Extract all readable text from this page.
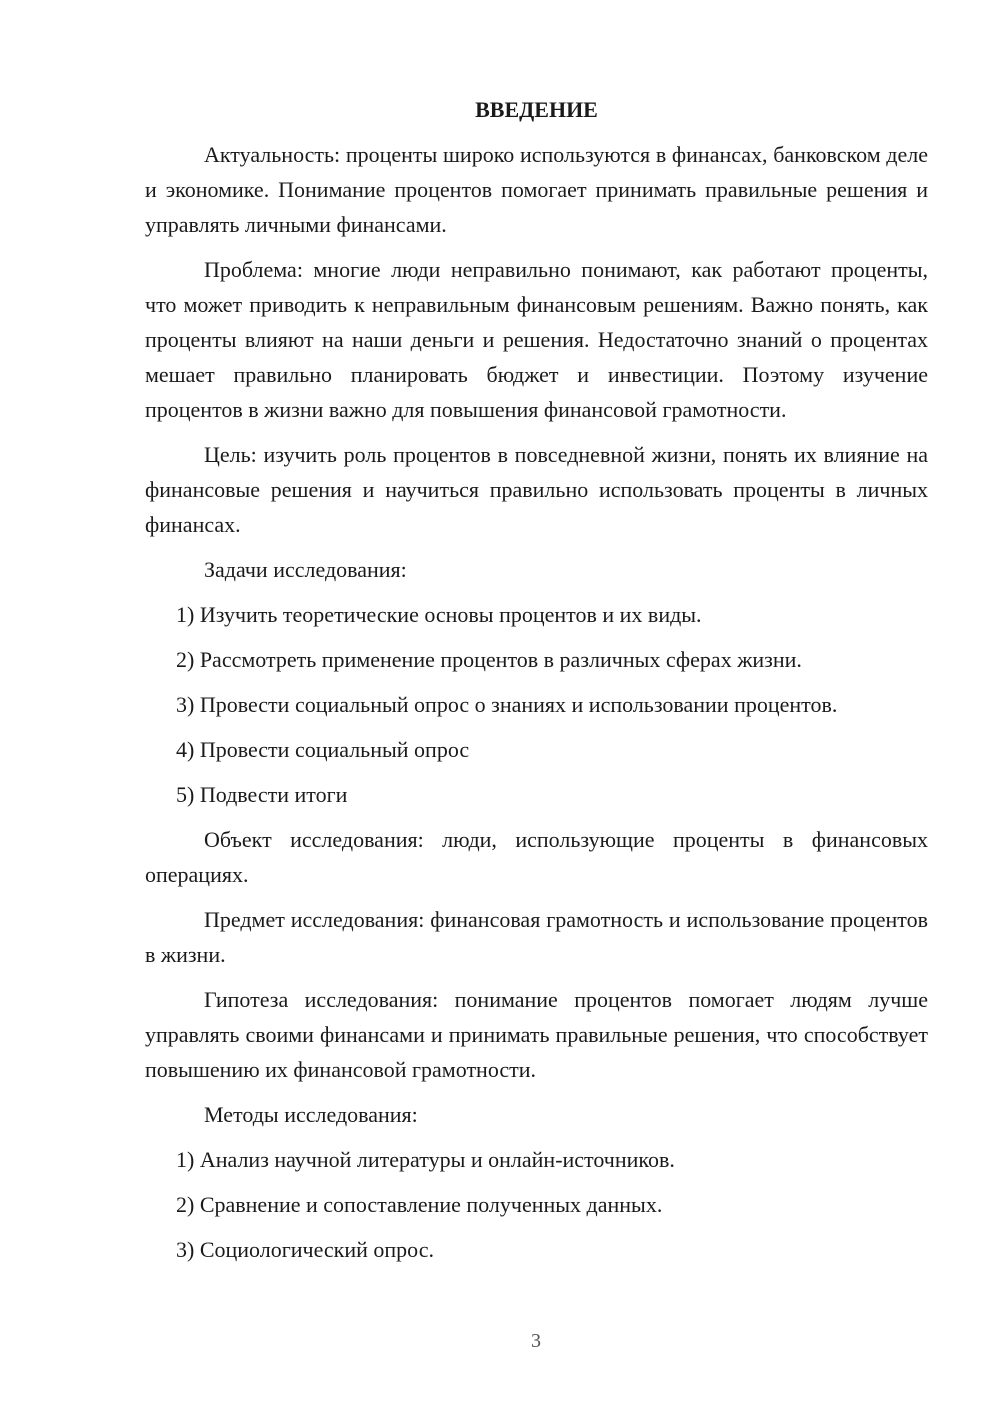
ВВЕДЕНИЕ

Актуальность: проценты широко используются в финансах, банковском деле и экономике. Понимание процентов помогает принимать правильные решения и управлять личными финансами.

Проблема: многие люди неправильно понимают, как работают проценты, что может приводить к неправильным финансовым решениям. Важно понять, как проценты влияют на наши деньги и решения. Недостаточно знаний о процентах мешает правильно планировать бюджет и инвестиции. Поэтому изучение процентов в жизни важно для повышения финансовой грамотности.

Цель: изучить роль процентов в повседневной жизни, понять их влияние на финансовые решения и научиться правильно использовать проценты в личных финансах.

Задачи исследования:

1) Изучить теоретические основы процентов и их виды.
2) Рассмотреть применение процентов в различных сферах жизни.
3) Провести социальный опрос о знаниях и использовании процентов.
4) Провести социальный опрос
5) Подвести итоги

Объект исследования: люди, использующие проценты в финансовых операциях.

Предмет исследования: финансовая грамотность и использование процентов в жизни.

Гипотеза исследования: понимание процентов помогает людям лучше управлять своими финансами и принимать правильные решения, что способствует повышению их финансовой грамотности.

Методы исследования:

1) Анализ научной литературы и онлайн-источников.
2) Сравнение и сопоставление полученных данных.
3) Социологический опрос.
3
